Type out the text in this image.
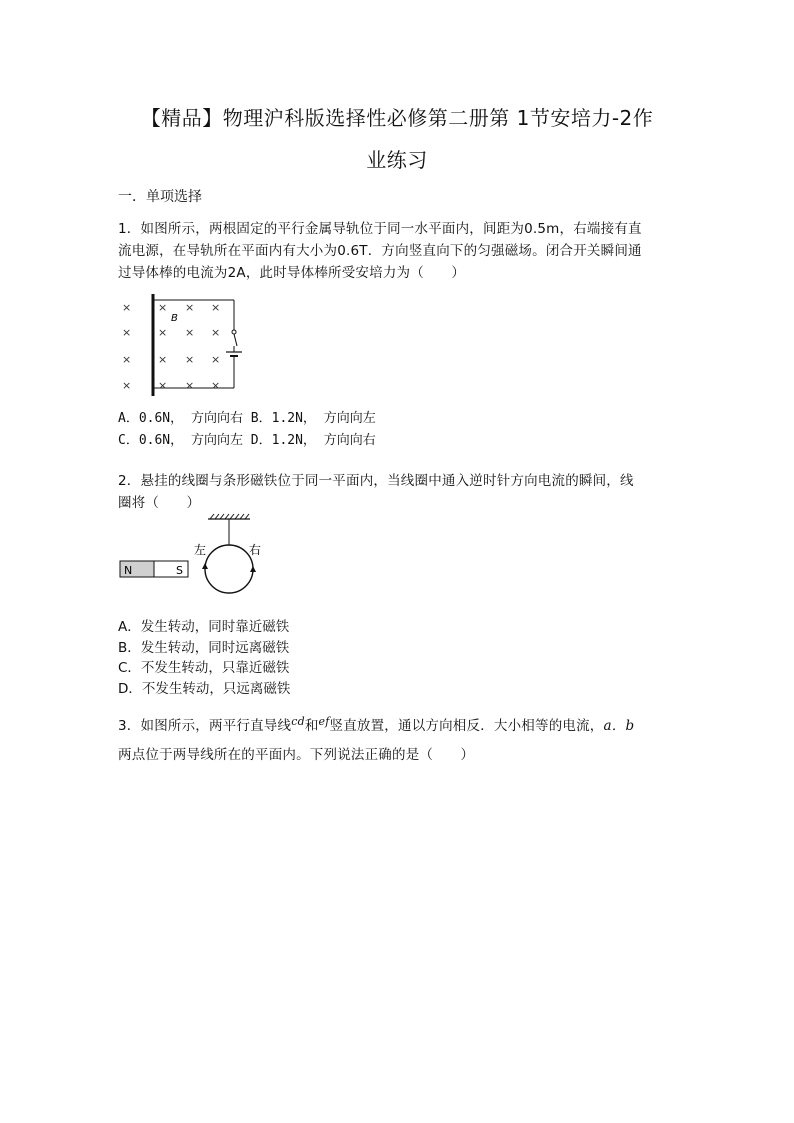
【精品】物理沪科版选择性必修第二册第 1节安培力-2作
业练习
一．单项选择
1．如图所示，两根固定的平行金属导轨位于同一水平面内，间距为0.5m，右端接有直
流电源，在导轨所在平面内有大小为0.6T．方向竖直向下的匀强磁场。闭合开关瞬间通
过导体棒的电流为2A，此时导体棒所受安培力为（　　）
B
×
×
×
×
× × ×
× × ×
× × ×
× × ×
A．0.6N， 方向向右 B．1.2N， 方向向左
C．0.6N， 方向向左 D．1.2N， 方向向右
2．悬挂的线圈与条形磁铁位于同一平面内，当线圈中通入逆时针方向电流的瞬间，线
圈将（　　）
左	右
N	S
A．发生转动，同时靠近磁铁
B．发生转动，同时远离磁铁
C．不发生转动，只靠近磁铁
D．不发生转动，只远离磁铁
3．如图所示，两平行直导线$^{cd}$和$^{ef}$竖直放置，通以方向相反．大小相等的电流，a．b
两点位于两导线所在的平面内。下列说法正确的是（　　）
